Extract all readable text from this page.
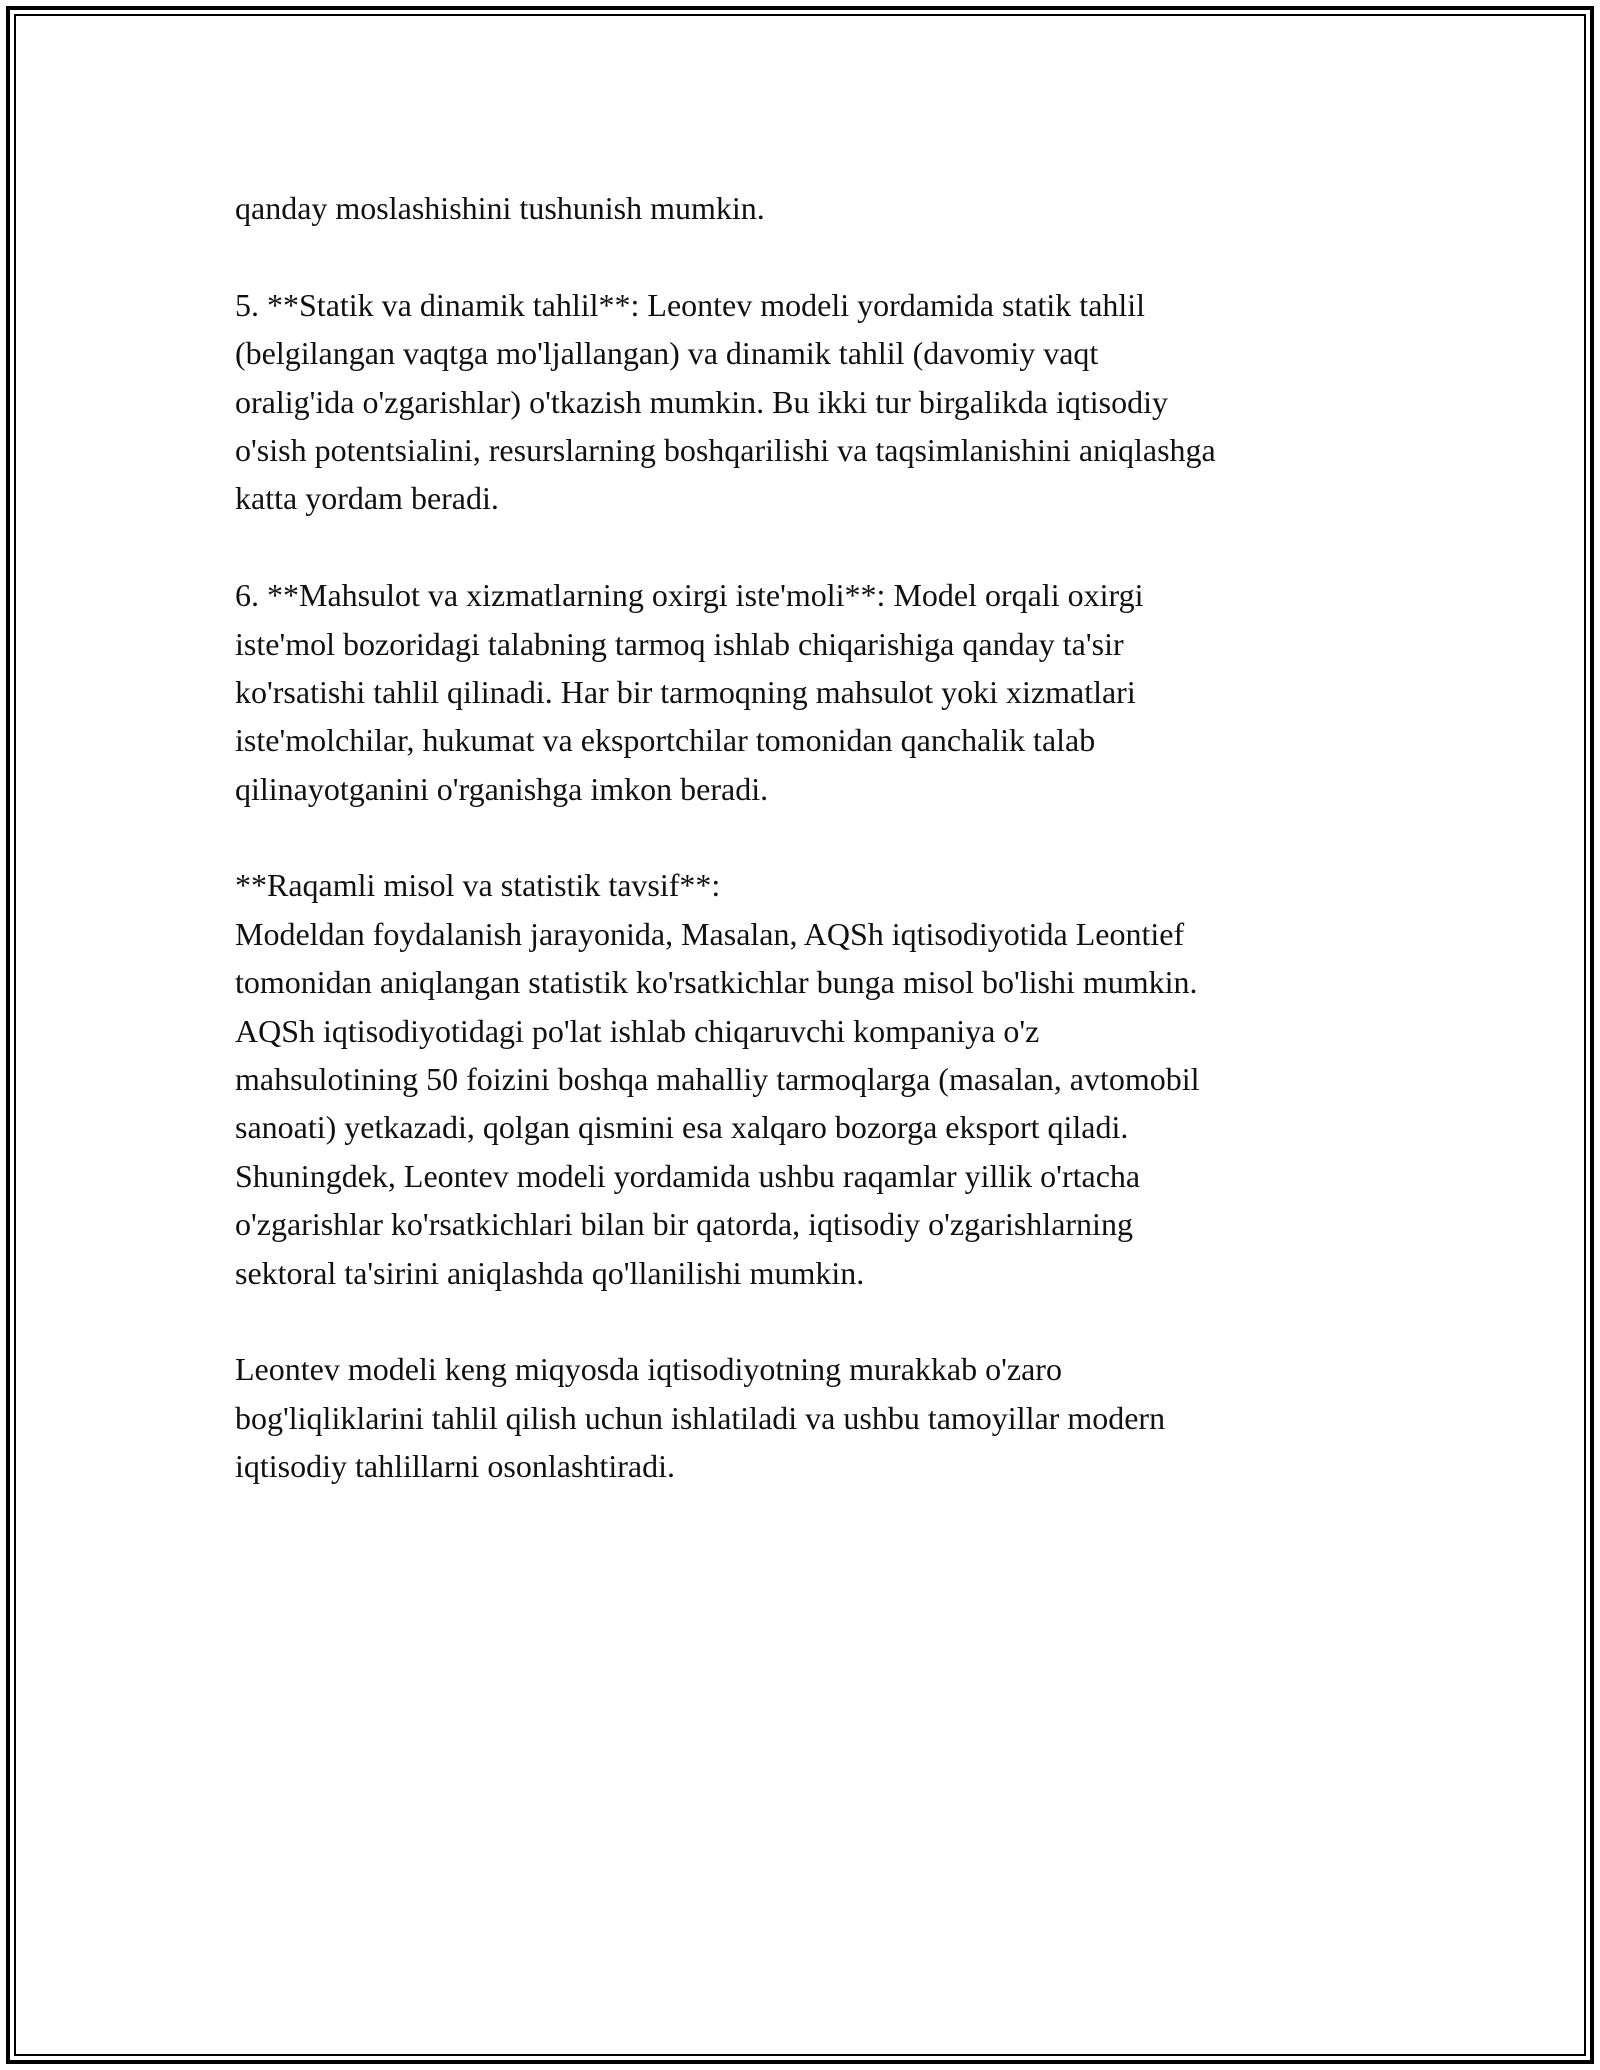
qanday moslashishini tushunish mumkin.
5. **Statik va dinamik tahlil**: Leontev modeli yordamida statik tahlil
(belgilangan vaqtga mo'ljallangan) va dinamik tahlil (davomiy vaqt
oralig'ida o'zgarishlar) o'tkazish mumkin. Bu ikki tur birgalikda iqtisodiy
o'sish potentsialini, resurslarning boshqarilishi va taqsimlanishini aniqlashga
katta yordam beradi.
6. **Mahsulot va xizmatlarning oxirgi iste'moli**: Model orqali oxirgi
iste'mol bozoridagi talabning tarmoq ishlab chiqarishiga qanday ta'sir
ko'rsatishi tahlil qilinadi. Har bir tarmoqning mahsulot yoki xizmatlari
iste'molchilar, hukumat va eksportchilar tomonidan qanchalik talab
qilinayotganini o'rganishga imkon beradi.
**Raqamli misol va statistik tavsif**:
Modeldan foydalanish jarayonida, Masalan, AQSh iqtisodiyotida Leontief
tomonidan aniqlangan statistik ko'rsatkichlar bunga misol bo'lishi mumkin.
AQSh iqtisodiyotidagi po'lat ishlab chiqaruvchi kompaniya o'z
mahsulotining 50 foizini boshqa mahalliy tarmoqlarga (masalan, avtomobil
sanoati) yetkazadi, qolgan qismini esa xalqaro bozorga eksport qiladi.
Shuningdek, Leontev modeli yordamida ushbu raqamlar yillik o'rtacha
o'zgarishlar ko'rsatkichlari bilan bir qatorda, iqtisodiy o'zgarishlarning
sektoral ta'sirini aniqlashda qo'llanilishi mumkin.
Leontev modeli keng miqyosda iqtisodiyotning murakkab o'zaro
bog'liqliklarini tahlil qilish uchun ishlatiladi va ushbu tamoyillar modern
iqtisodiy tahlillarni osonlashtiradi.
